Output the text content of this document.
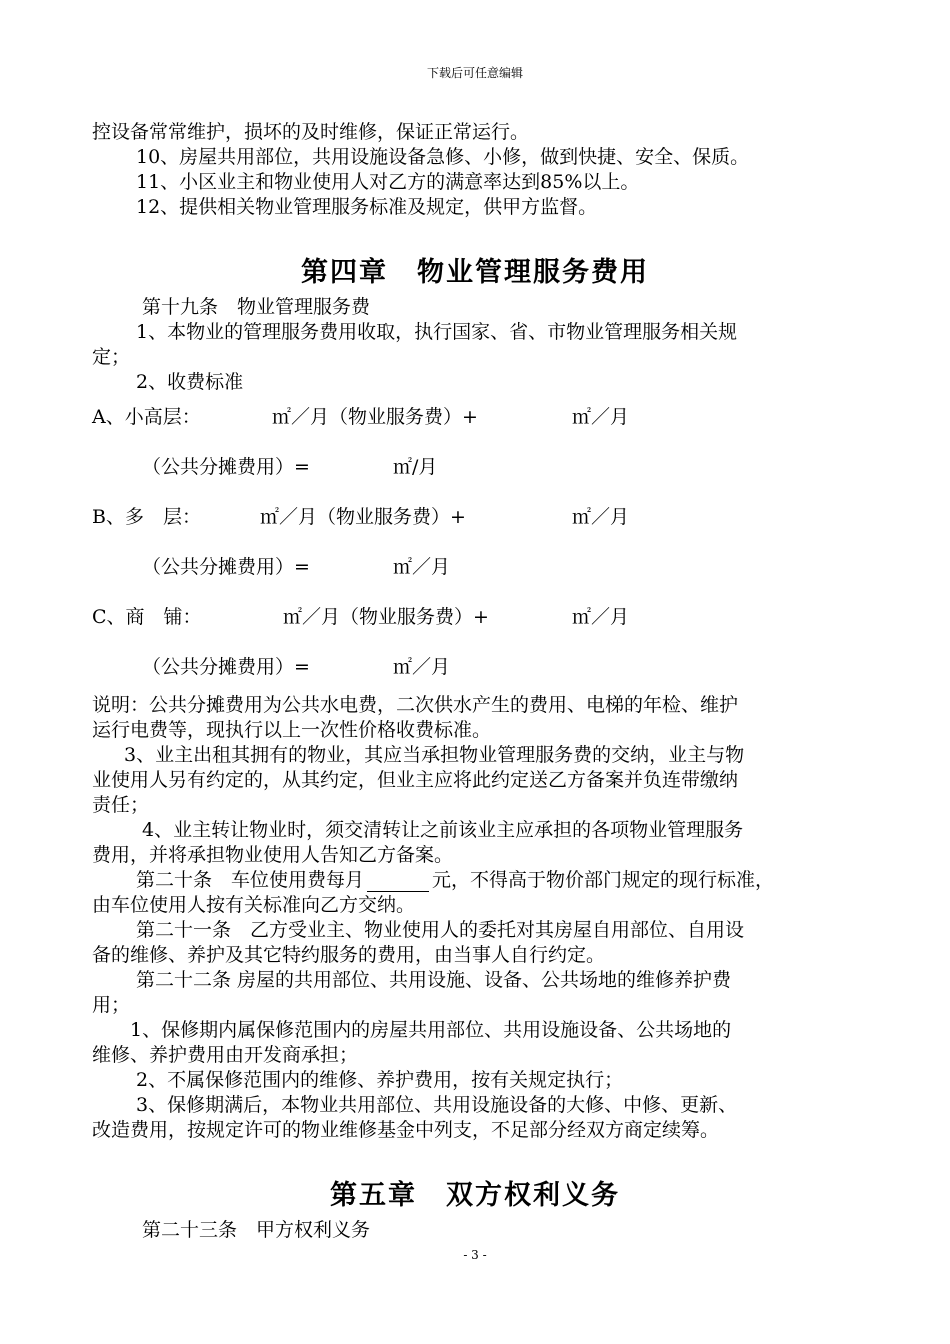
下载后可任意编辑
控设备常常维护，损坏的及时维修，保证正常运行。
10、房屋共用部位，共用设施设备急修、小修，做到快捷、安全、保质。
11、小区业主和物业使用人对乙方的满意率达到85%以上。
12、提供相关物业管理服务标准及规定，供甲方监督。
第四章　物业管理服务费用
第十九条　物业管理服务费
1、本物业的管理服务费用收取，执行国家、省、市物业管理服务相关规
定；
2、收费标准
A、小高层：	㎡／月（物业服务费）+	㎡／月
（公共分摊费用）=	㎡/月
B、多　层：	㎡／月（物业服务费）+	㎡／月
（公共分摊费用）=	㎡／月
C、商　铺：	㎡／月（物业服务费）+	㎡／月
（公共分摊费用）=	㎡／月
说明：公共分摊费用为公共水电费，二次供水产生的费用、电梯的年检、维护
运行电费等，现执行以上一次性价格收费标准。
3、业主出租其拥有的物业，其应当承担物业管理服务费的交纳，业主与物
业使用人另有约定的，从其约定，但业主应将此约定送乙方备案并负连带缴纳
责任；
4、业主转让物业时，须交清转让之前该业主应承担的各项物业管理服务
费用，并将承担物业使用人告知乙方备案。
第二十条　车位使用费每月	元，不得高于物价部门规定的现行标准，
由车位使用人按有关标准向乙方交纳。
第二十一条　乙方受业主、物业使用人的委托对其房屋自用部位、自用设
备的维修、养护及其它特约服务的费用，由当事人自行约定。
第二十二条 房屋的共用部位、共用设施、设备、公共场地的维修养护费
用；
1、保修期内属保修范围内的房屋共用部位、共用设施设备、公共场地的
维修、养护费用由开发商承担；
2、不属保修范围内的维修、养护费用，按有关规定执行；
3、保修期满后，本物业共用部位、共用设施设备的大修、中修、更新、
改造费用，按规定许可的物业维修基金中列支，不足部分经双方商定续筹。
第五章　双方权利义务
第二十三条　甲方权利义务
- 3 -
